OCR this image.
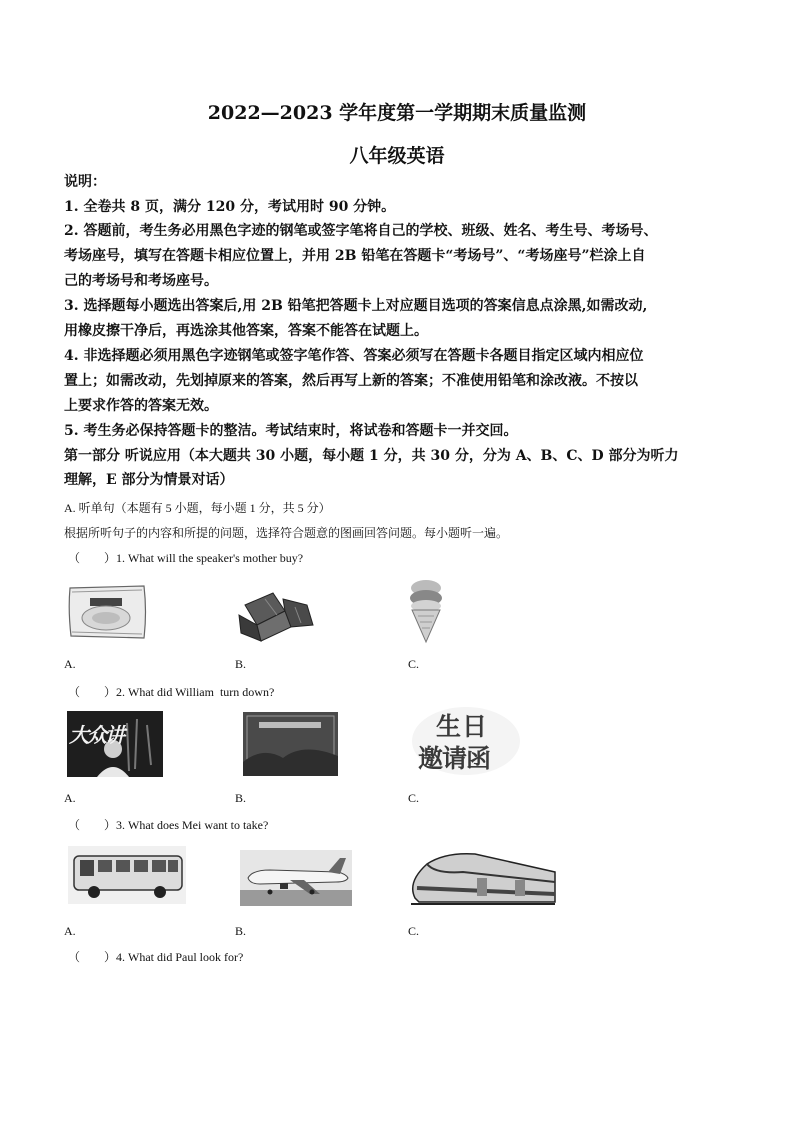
2022—2023 学年度第一学期期末质量监测
八年级英语
说明：
1. 全卷共 8 页，满分 120 分，考试用时 90 分钟。
2. 答题前，考生务必用黑色字迹的钢笔或签字笔将自己的学校、班级、姓名、考生号、考场号、
考场座号，填写在答题卡相应位置上，并用 2B 铅笔在答题卡“考场号”、“考场座号”栏涂上自
己的考场号和考场座号。
3. 选择题每小题选出答案后,用 2B 铅笔把答题卡上对应题目选项的答案信息点涂黑,如需改动,
用橡皮擦干净后，再选涂其他答案，答案不能答在试题上。
4. 非选择题必须用黑色字迹钢笔或签字笔作答、答案必须写在答题卡各题目指定区域内相应位
置上；如需改动，先划掉原来的答案，然后再写上新的答案；不准使用铅笔和涂改液。不按以
上要求作答的答案无效。
5. 考生务必保持答题卡的整洁。考试结束时，将试卷和答题卡一并交回。
第一部分 听说应用（本大题共 30 小题，每小题 1 分，共 30 分，分为 A、B、C、D 部分为听力
理解，E 部分为情景对话）
A. 听单句（本题有 5 小题，每小题 1 分，共 5 分）
根据所听句子的内容和所提的问题，选择符合题意的图画回答问题。每小题听一遍。
（        ）1. What will the speaker's mother buy?
A.	B.	C.
（        ）2. What did William  turn down?
大众讲	生日
邀请函
A.	B.	C.
（        ）3. What does Mei want to take?
A.	B.	C.
（        ）4. What did Paul look for?
